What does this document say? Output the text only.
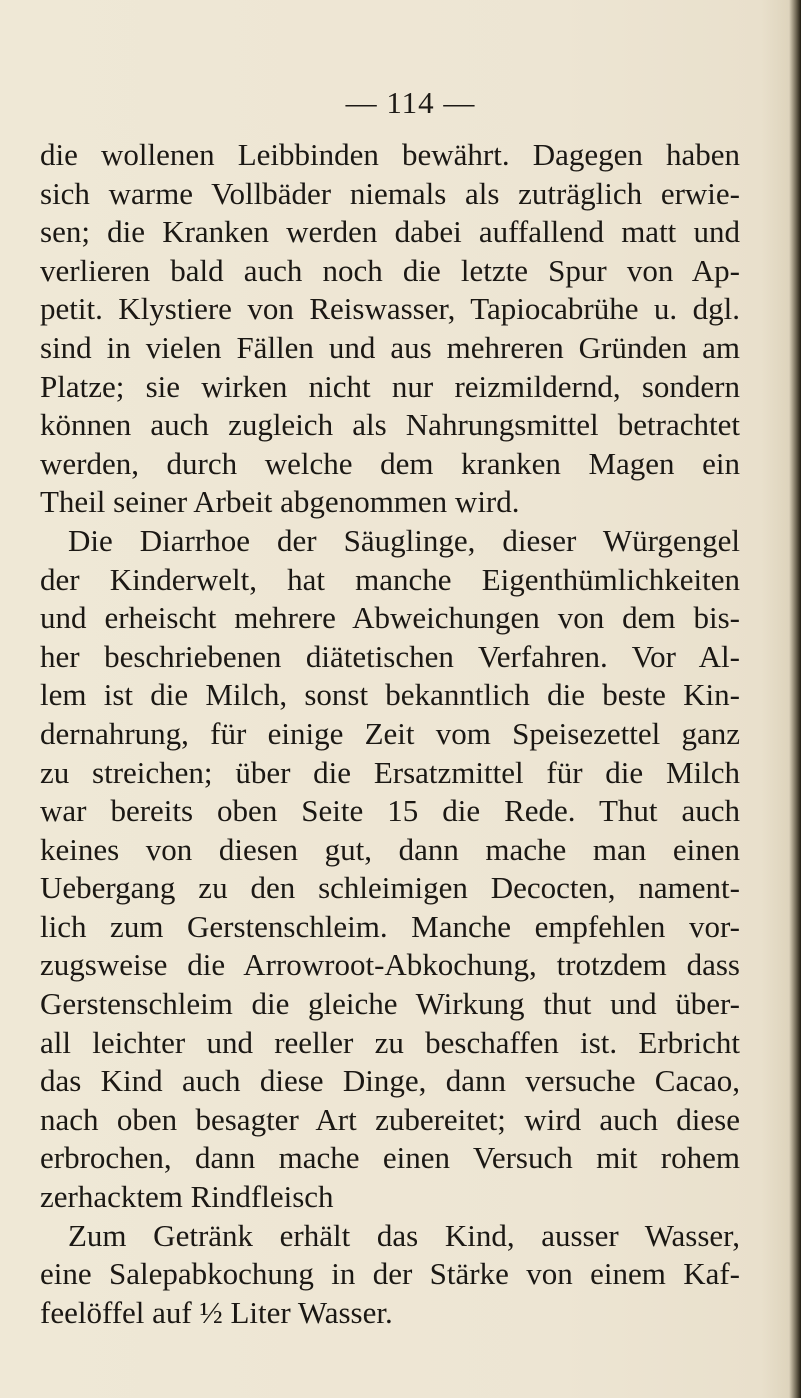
— 114 —
die wollenen Leibbinden bewährt. Dagegen haben
sich warme Vollbäder niemals als zuträglich erwie-
sen; die Kranken werden dabei auffallend matt und
verlieren bald auch noch die letzte Spur von Ap-
petit. Klystiere von Reiswasser, Tapiocabrühe u. dgl.
sind in vielen Fällen und aus mehreren Gründen am
Platze; sie wirken nicht nur reizmildernd, sondern
können auch zugleich als Nahrungsmittel betrachtet
werden, durch welche dem kranken Magen ein
Theil seiner Arbeit abgenommen wird.
Die Diarrhoe der Säuglinge, dieser Würgengel
der Kinderwelt, hat manche Eigenthümlichkeiten
und erheischt mehrere Abweichungen von dem bis-
her beschriebenen diätetischen Verfahren. Vor Al-
lem ist die Milch, sonst bekanntlich die beste Kin-
dernahrung, für einige Zeit vom Speisezettel ganz
zu streichen; über die Ersatzmittel für die Milch
war bereits oben Seite 15 die Rede. Thut auch
keines von diesen gut, dann mache man einen
Uebergang zu den schleimigen Decocten, nament-
lich zum Gerstenschleim. Manche empfehlen vor-
zugsweise die Arrowroot-Abkochung, trotzdem dass
Gerstenschleim die gleiche Wirkung thut und über-
all leichter und reeller zu beschaffen ist. Erbricht
das Kind auch diese Dinge, dann versuche Cacao,
nach oben besagter Art zubereitet; wird auch diese
erbrochen, dann mache einen Versuch mit rohem
zerhacktem Rindfleisch
Zum Getränk erhält das Kind, ausser Wasser,
eine Salepabkochung in der Stärke von einem Kaf-
feelöffel auf ½ Liter Wasser.
